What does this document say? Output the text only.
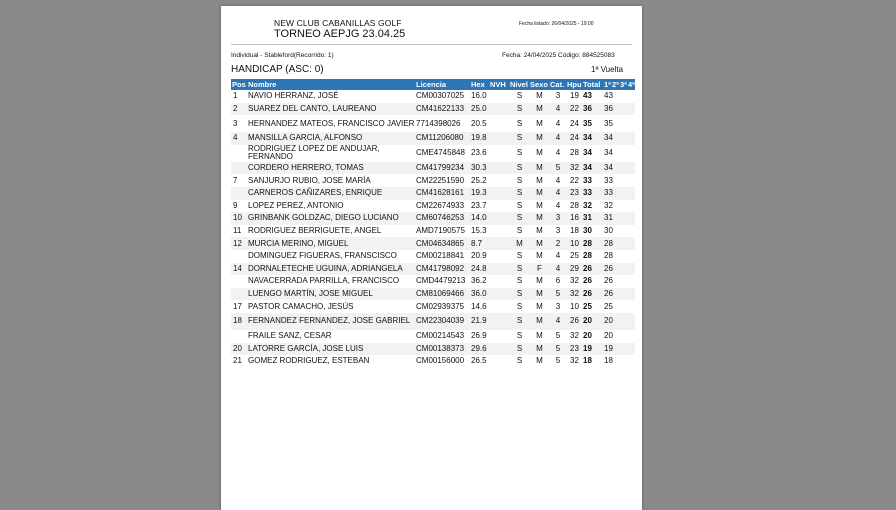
NEW CLUB CABANILLAS GOLF
TORNEO AEPJG 23.04.25
Fecha listado: 26/04/2025 - 19:00
Individual - Stableford(Recorrido: 1)	Fecha: 24/04/2025 Código: 884525083
HANDICAP (ASC: 0)	1ª Vuelta
Pos	Nombre	Licencia	Hex	NVH	Nivel	Sexo	Cat.	Hpu	Total	1ª	2ª	3ª	4ª
1	NAVIO HERRANZ, JOSÉ	CM00307025	16.0		S	M	3	19	43	43			
2	SUAREZ DEL CANTO, LAUREANO	CM41622133	25.0		S	M	4	22	36	36			
3	HERNANDEZ MATEOS, FRANCISCO JAVIER	7714398026	20.5		S	M	4	24	35	35			
4	MANSILLA GARCIA, ALFONSO	CM11206080	19.8		S	M	4	24	34	34			
	RODRIGUEZ LOPEZ DE ANDUJAR, FERNANDO	CME4745848	23.6		S	M	4	28	34	34			
	CORDERO HERRERO, TOMAS	CM41799234	30.3		S	M	5	32	34	34			
7	SANJURJO RUBIO, JOSE MARÍA	CM22251590	25.2		S	M	4	22	33	33			
	CARNEROS CAÑIZARES, ENRIQUE	CM41628161	19.3		S	M	4	23	33	33			
9	LOPEZ PEREZ, ANTONIO	CM22674933	23.7		S	M	4	28	32	32			
10	GRINBANK GOLDZAC, DIEGO LUCIANO	CM60746253	14.0		S	M	3	16	31	31			
11	RODRIGUEZ BERRIGUETE, ANGEL	AMD7190575	15.3		S	M	3	18	30	30			
12	MURCIA MERINO, MIGUEL	CM04634865	8.7		M	M	2	10	28	28			
	DOMINGUEZ FIGUERAS, FRANSCISCO	CM00218841	20.9		S	M	4	25	28	28			
14	DORNALETECHE UGUINA, ADRIANGELA	CM41798092	24.8		S	F	4	29	26	26			
	NAVACERRADA PARRILLA, FRANCISCO	CMD4479213	36.2		S	M	6	32	26	26			
	LUENGO MARTÍN, JOSE MIGUEL	CM81069466	36.0		S	M	5	32	26	26			
17	PASTOR CAMACHO, JESÚS	CM02939375	14.6		S	M	3	10	25	25			
18	FERNANDEZ FERNANDEZ, JOSE GABRIEL	CM22304039	21.9		S	M	4	26	20	20			
	FRAILE SANZ, CESAR	CM00214543	26.9		S	M	5	32	20	20			
20	LATORRE GARCÍA, JOSE LUIS	CM00138373	29.6		S	M	5	23	19	19			
21	GOMEZ RODRIGUEZ, ESTEBAN	CM00156000	26.5		S	M	5	32	18	18			
